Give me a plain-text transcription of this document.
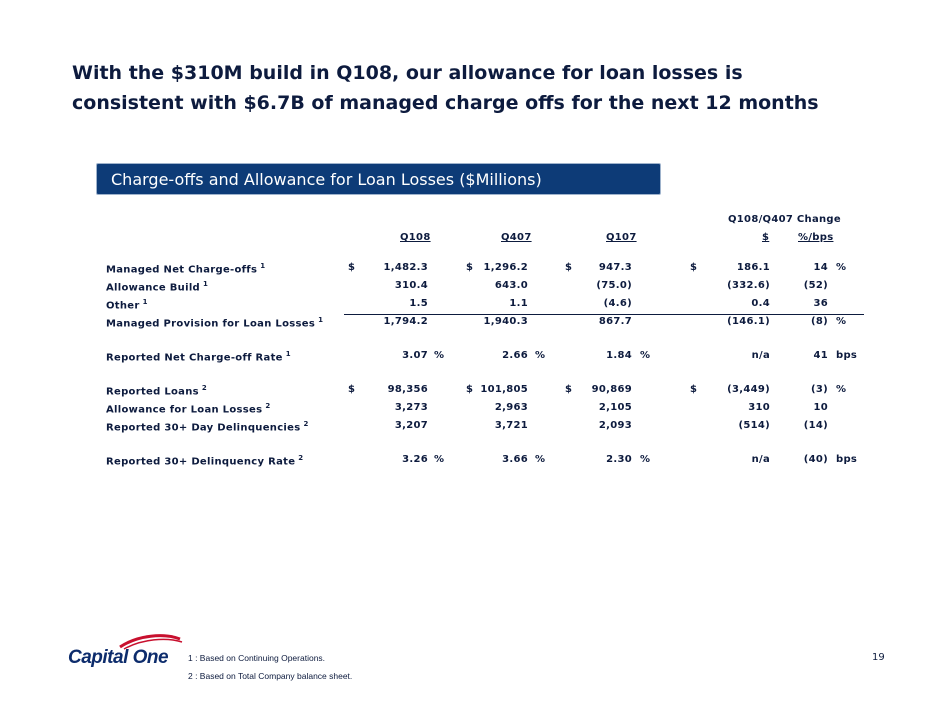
With the $310M build in Q108, our allowance for loan losses is
consistent with $6.7B of managed charge offs for the next 12 months
Charge-offs and Allowance for Loan Losses ($Millions)
Q108/Q407 Change
Q108	Q407	Q107	$	%/bps
Managed Net Charge-offs $^1$	$	1,482.3	$	1,296.2	$	947.3	$	186.1	14 %
Allowance Build $^1$	310.4	643.0	(75.0)	(332.6)	(52)
Other $^1$	1.5	1.1	(4.6)	0.4	36
Managed Provision for Loan Losses $^1$	1,794.2	1,940.3	867.7	(146.1)	(8) %
Reported Net Charge-off Rate $^1$	3.07 %	2.66 %	1.84 %	n/a	41 bps
Reported Loans $^2$	$	98,356	$ 101,805	$	90,869	$	(3,449)	(3) %
Allowance for Loan Losses $^2$	3,273	2,963	2,105	310	10
Reported 30+ Day Delinquencies $^2$	3,207	3,721	2,093	(514)	(14)
Reported 30+ Delinquency Rate $^2$	3.26 %	3.66 %	2.30 %	n/a	(40) bps
Capital One 1 : Based on Continuing Operations.
2 : Based on Total Company balance sheet.
19
